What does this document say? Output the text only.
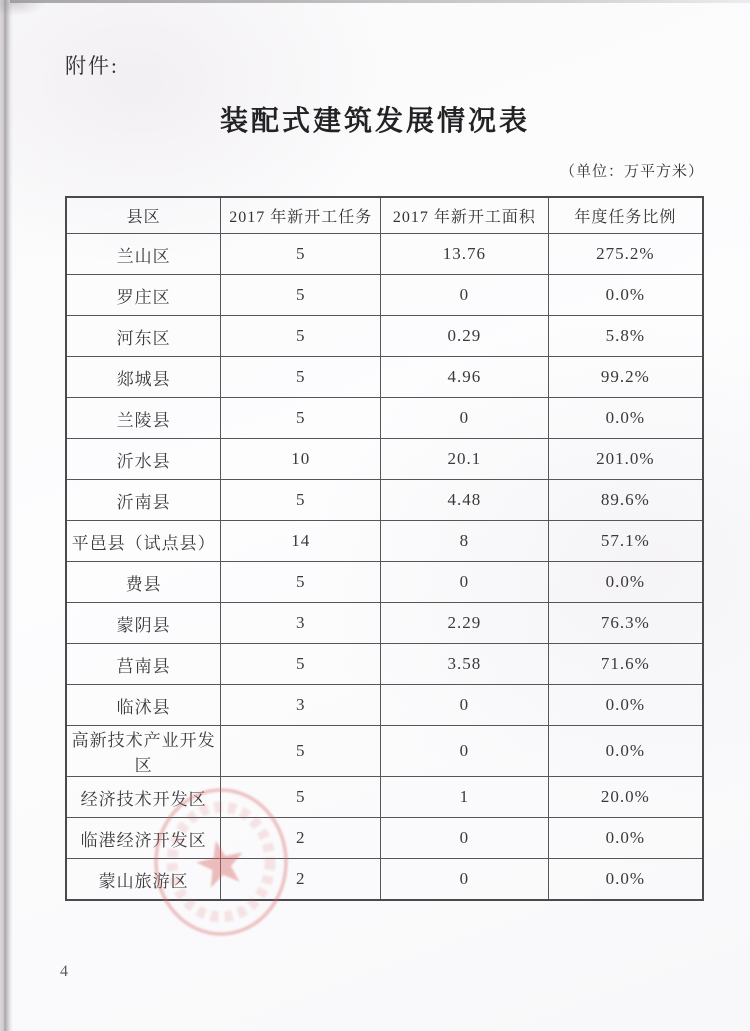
附件:
装配式建筑发展情况表
（单位：万平方米）
县区	2017 年新开工任务	2017 年新开工面积	年度任务比例
兰山区	5	13.76	275.2%
罗庄区	5	0	0.0%
河东区	5	0.29	5.8%
郯城县	5	4.96	99.2%
兰陵县	5	0	0.0%
沂水县	10	20.1	201.0%
沂南县	5	4.48	89.6%
平邑县（试点县）	14	8	57.1%
费县	5	0	0.0%
蒙阴县	3	2.29	76.3%
莒南县	5	3.58	71.6%
临沭县	3	0	0.0%
高新技术产业开发区	5	0	0.0%
经济技术开发区	5	1	20.0%
临港经济开发区	2	0	0.0%
蒙山旅游区	2	0	0.0%
4
